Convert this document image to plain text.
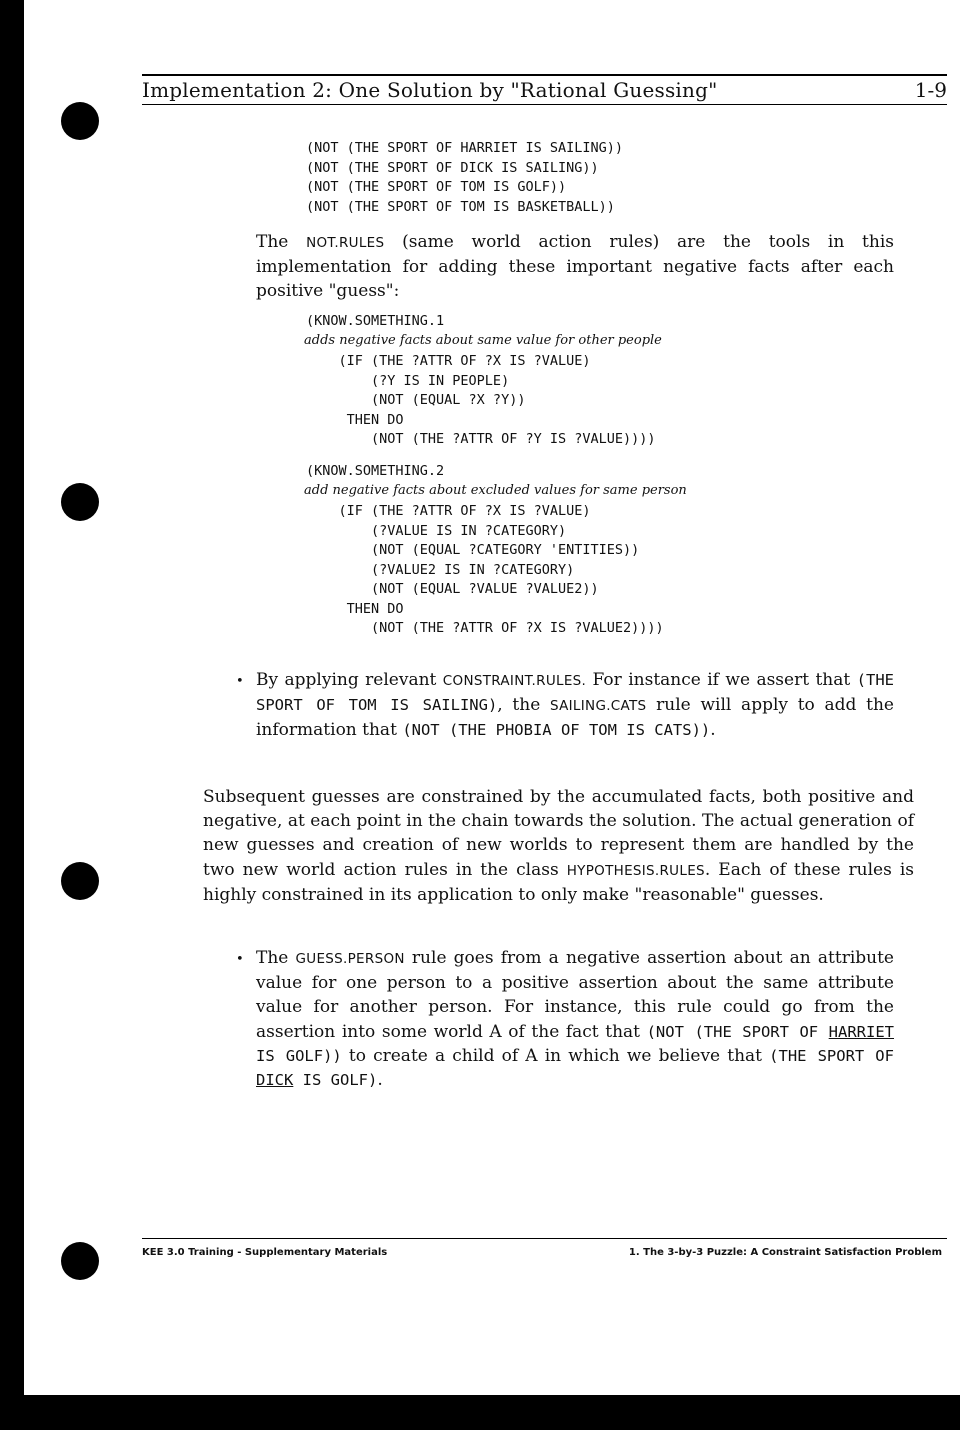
Implementation 2: One Solution by "Rational Guessing"	1-9
(NOT (THE SPORT OF HARRIET IS SAILING))
(NOT (THE SPORT OF DICK IS SAILING))
(NOT (THE SPORT OF TOM IS GOLF))
(NOT (THE SPORT OF TOM IS BASKETBALL))

The NOT.RULES (same world action rules) are the tools in this implementation for adding these important negative facts after each positive "guess":

(KNOW.SOMETHING.1
adds negative facts about same value for other people
(IF (THE ?ATTR OF ?X IS ?VALUE)
(?Y IS IN PEOPLE)
(NOT (EQUAL ?X ?Y))
THEN DO
(NOT (THE ?ATTR OF ?Y IS ?VALUE))))
(KNOW.SOMETHING.2
add negative facts about excluded values for same person
(IF (THE ?ATTR OF ?X IS ?VALUE)
(?VALUE IS IN ?CATEGORY)
(NOT (EQUAL ?CATEGORY 'ENTITIES))
(?VALUE2 IS IN ?CATEGORY)
(NOT (EQUAL ?VALUE ?VALUE2))
THEN DO
(NOT (THE ?ATTR OF ?X IS ?VALUE2))))
• By applying relevant CONSTRAINT.RULES. For instance if we assert that (THE SPORT OF TOM IS SAILING), the SAILING.CATS rule will apply to add the information that (NOT (THE PHOBIA OF TOM IS CATS)).

Subsequent guesses are constrained by the accumulated facts, both positive and negative, at each point in the chain towards the solution. The actual generation of new guesses and creation of new worlds to represent them are handled by the two new world action rules in the class HYPOTHESIS.RULES. Each of these rules is highly constrained in its application to only make "reasonable" guesses.

• The GUESS.PERSON rule goes from a negative assertion about an attribute value for one person to a positive assertion about the same attribute value for another person. For instance, this rule could go from the assertion into some world A of the fact that (NOT (THE SPORT OF HARRIET IS GOLF)) to create a child of A in which we believe that (THE SPORT OF DICK IS GOLF).

KEE 3.0 Training - Supplementary Materials	1. The 3-by-3 Puzzle: A Constraint Satisfaction Problem
